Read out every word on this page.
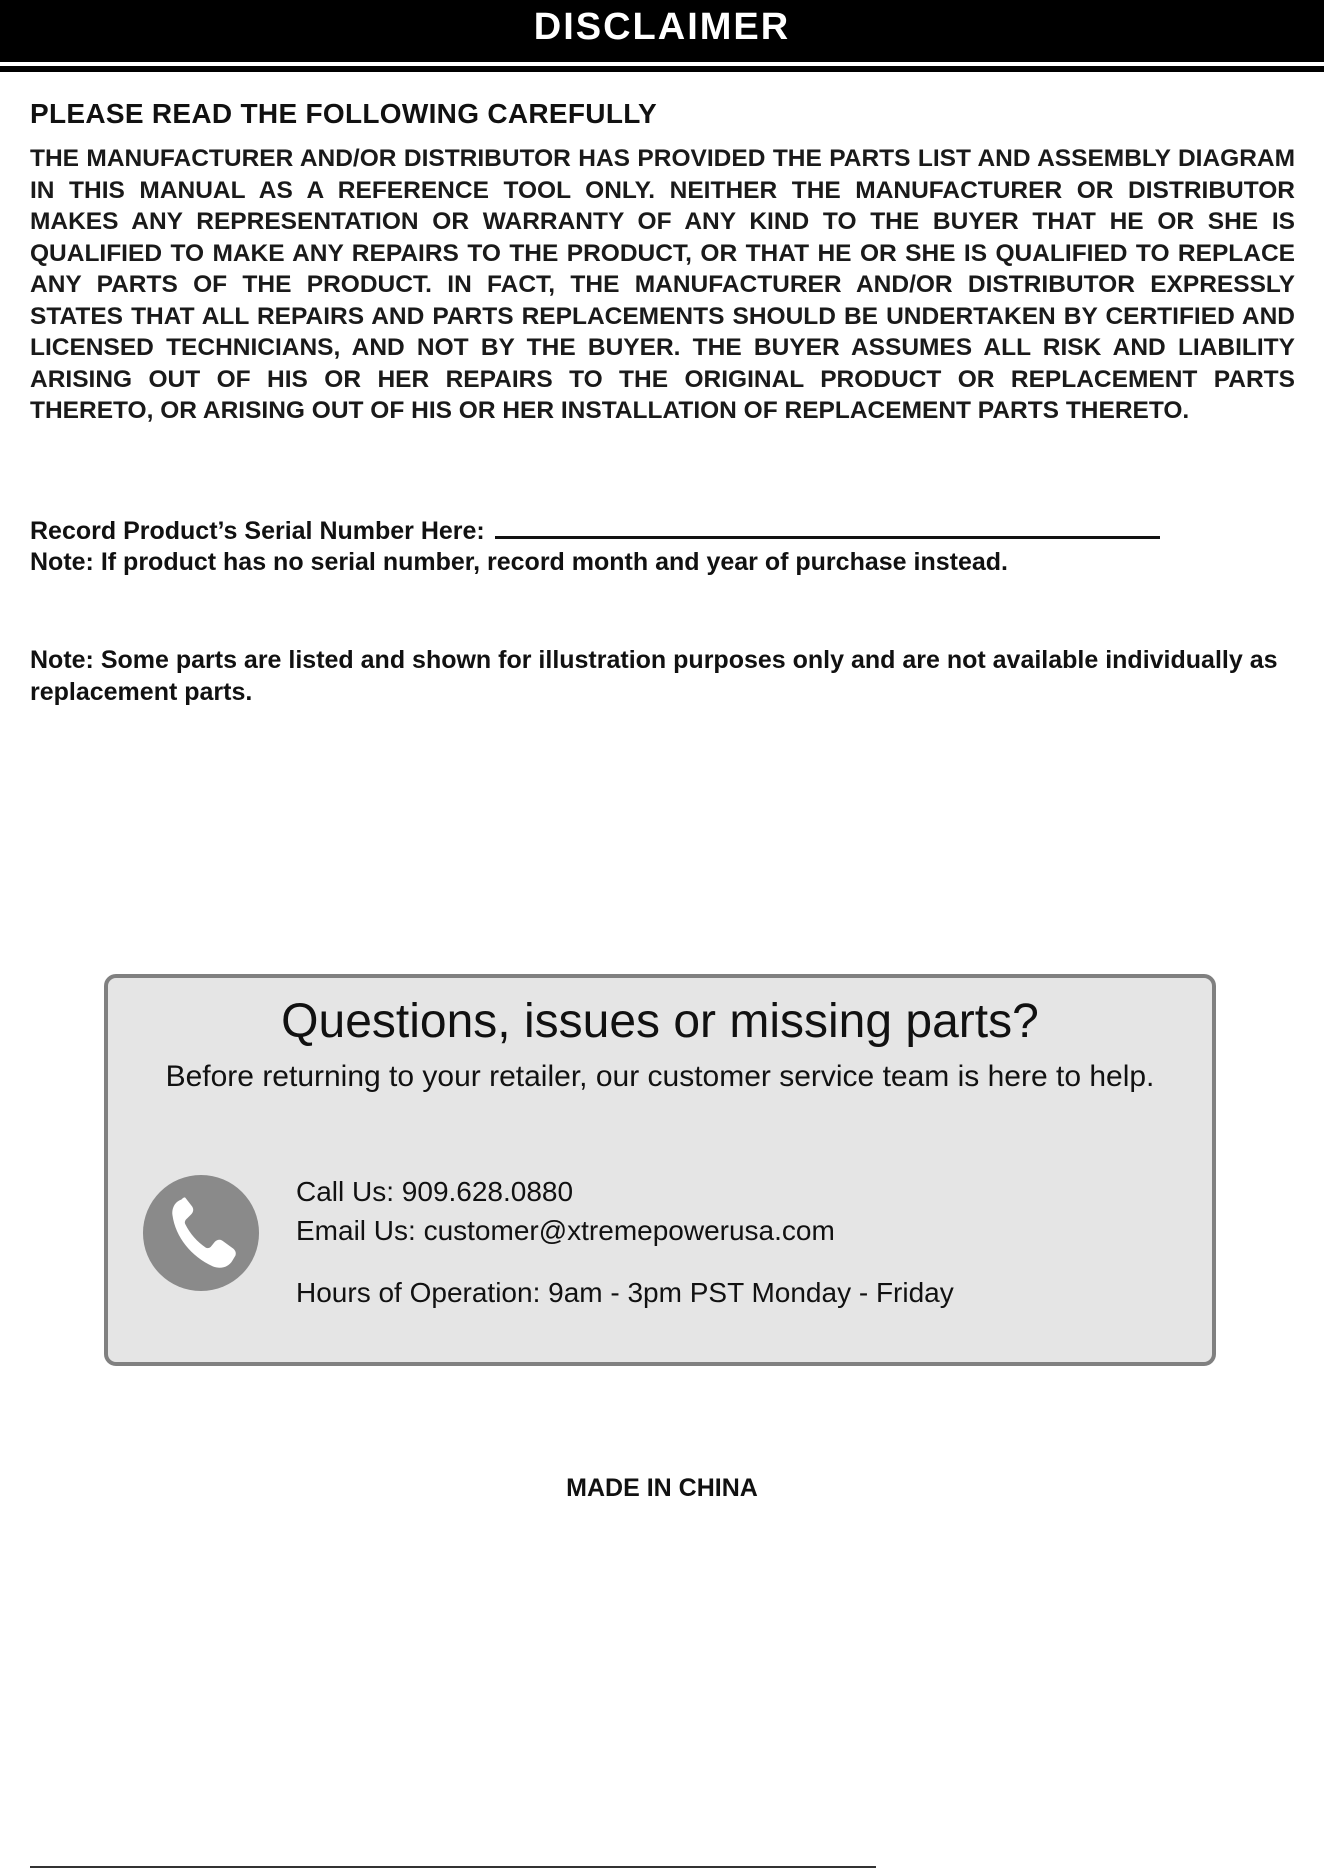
DISCLAIMER
PLEASE READ THE FOLLOWING CAREFULLY
THE MANUFACTURER AND/OR DISTRIBUTOR HAS PROVIDED THE PARTS LIST AND ASSEMBLY DIAGRAM IN THIS MANUAL AS A REFERENCE TOOL ONLY. NEITHER THE MANUFACTURER OR DISTRIBUTOR MAKES ANY REPRESENTATION OR WARRANTY OF ANY KIND TO THE BUYER THAT HE OR SHE IS QUALIFIED TO MAKE ANY REPAIRS TO THE PRODUCT, OR THAT HE OR SHE IS QUALIFIED TO REPLACE ANY PARTS OF THE PRODUCT. IN FACT, THE MANUFACTURER AND/OR DISTRIBUTOR EXPRESSLY STATES THAT ALL REPAIRS AND PARTS REPLACEMENTS SHOULD BE UNDERTAKEN BY CERTIFIED AND LICENSED TECHNICIANS, AND NOT BY THE BUYER. THE BUYER ASSUMES ALL RISK AND LIABILITY ARISING OUT OF HIS OR HER REPAIRS TO THE ORIGINAL PRODUCT OR REPLACEMENT PARTS THERETO, OR ARISING OUT OF HIS OR HER INSTALLATION OF REPLACEMENT PARTS THERETO.
Record Product’s Serial Number Here:
Note: If product has no serial number, record month and year of purchase instead.
Note: Some parts are listed and shown for illustration purposes only and are not available individually as replacement parts.
Questions, issues or missing parts?
Before returning to your retailer, our customer service team is here to help.
Call Us: 909.628.0880
Email Us: customer@xtremepowerusa.com
Hours of Operation: 9am - 3pm PST Monday - Friday
MADE IN CHINA
